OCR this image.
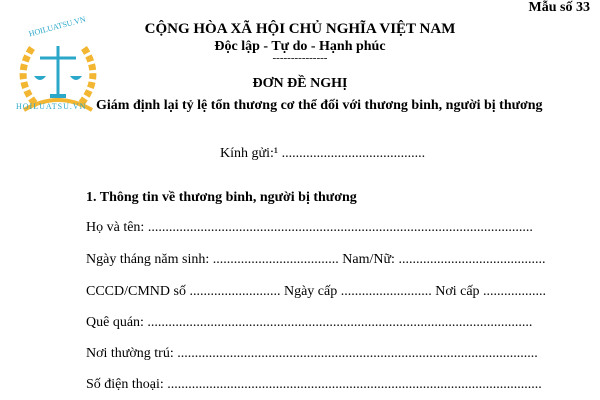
Mẫu số 33
HOILUATSU.VN
HOILUATSU.VN
CỘNG HÒA XÃ HỘI CHỦ NGHĨA VIỆT NAM
Độc lập - Tự do - Hạnh phúc
---------------
ĐƠN ĐỀ NGHỊ
Giám định lại tỷ lệ tổn thương cơ thể đối với thương binh, người bị thương
Kính gửi:¹ .........................................
1. Thông tin về thương binh, người bị thương
Họ và tên: ..............................................................................................................
Ngày tháng năm sinh: .................................... Nam/Nữ: ..........................................
CCCD/CMND số .......................... Ngày cấp .......................... Nơi cấp ..................
Quê quán: ..............................................................................................................
Nơi thường trú: .......................................................................................................
Số điện thoại: ...........................................................................................................
